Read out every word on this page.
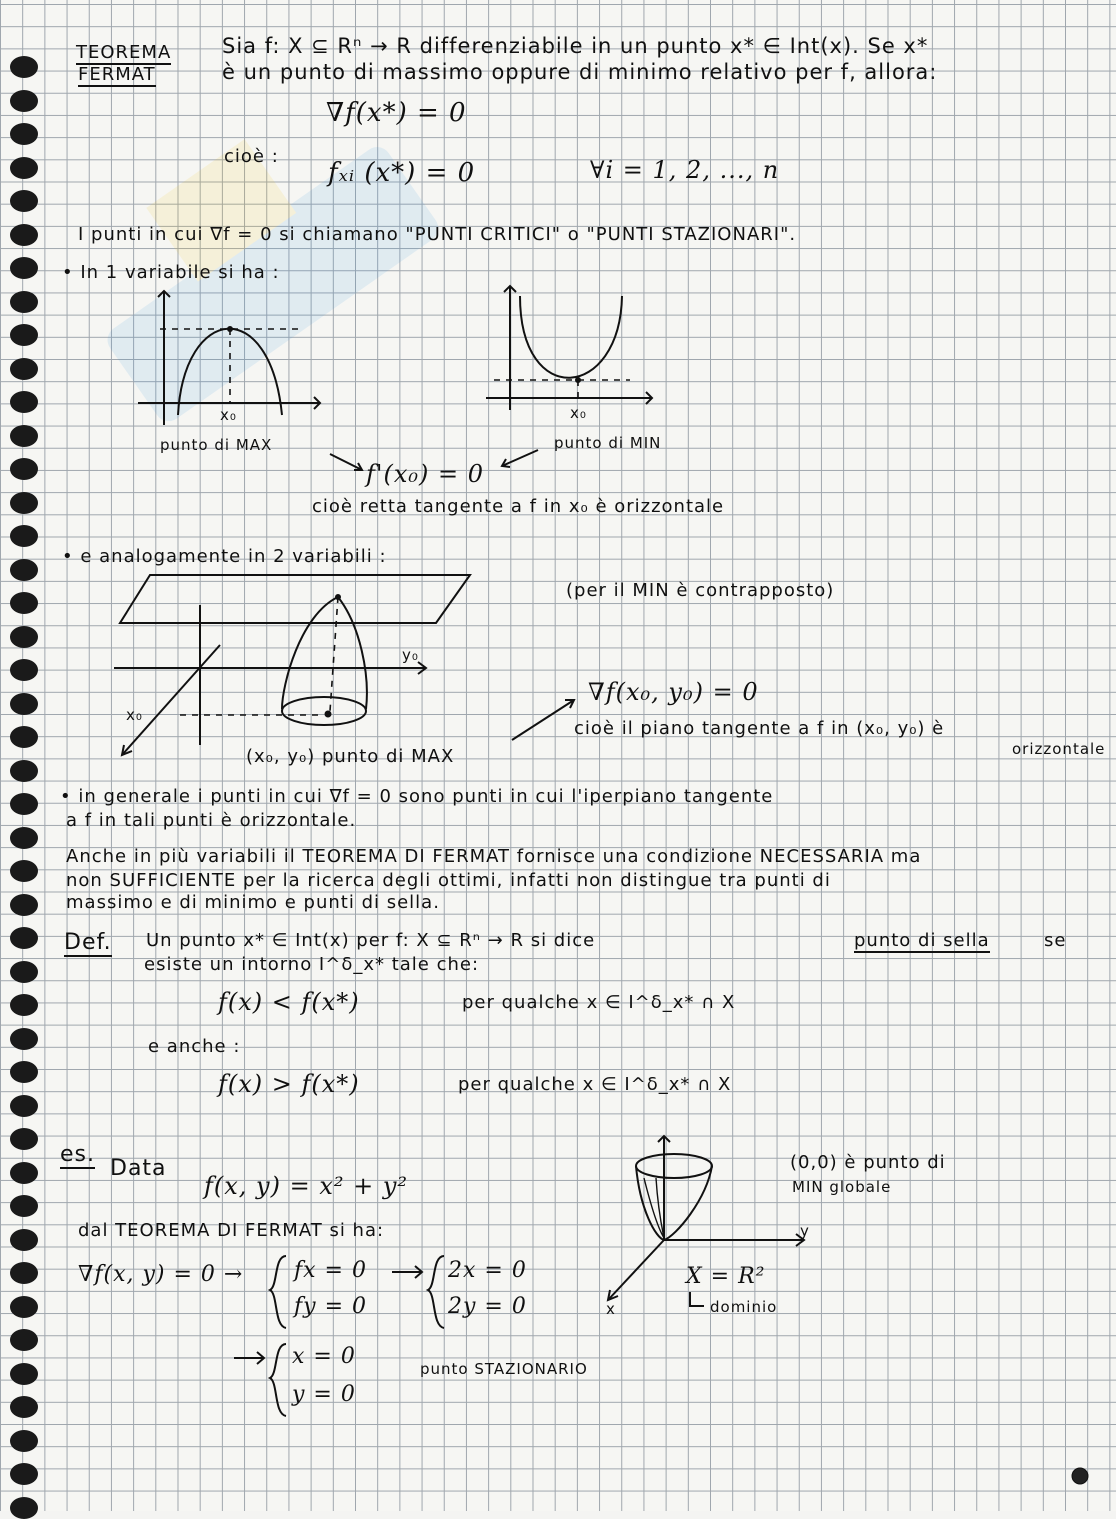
TEOREMA
FERMAT
Sia f: X ⊆ Rⁿ → R differenziabile in un punto x* ∈ Int(x). Se x*
è un punto di massimo oppure di minimo relativo per f, allora:
∇f(x*) = 0
cioè :
fₓᵢ (x*) = 0	∀i = 1, 2, ..., n
I punti in cui ∇f = 0 si chiamano "PUNTI CRITICI" o "PUNTI STAZIONARI".
• In 1 variabile si ha :
x₀
punto di MAX
x₀
punto di MIN
f'(x₀) = 0
cioè retta tangente a f in x₀ è orizzontale
• e analogamente in 2 variabili :
(per il MIN è contrapposto)
y₀
x₀
(x₀, y₀) punto di MAX
∇f(x₀, y₀) = 0
cioè il piano tangente a f in (x₀, y₀) è
orizzontale
• in generale i punti in cui ∇f = 0 sono punti in cui l'iperpiano tangente
a f in tali punti è orizzontale.
Anche in più variabili il TEOREMA DI FERMAT fornisce una condizione NECESSARIA ma
non SUFFICIENTE per la ricerca degli ottimi, infatti non distingue tra punti di
massimo e di minimo e punti di sella.
Def. Un punto x* ∈ Int(x) per f: X ⊆ Rⁿ → R si dice	punto di sella	se
esiste un intorno I^δ_x* tale che:
f(x) < f(x*)	per qualche x ∈ I^δ_x* ∩ X
e anche :
f(x) > f(x*)	per qualche x ∈ I^δ_x* ∩ X
es.
Data
f(x, y) = x² + y²
dal TEOREMA DI FERMAT si ha:
∇f(x, y) = 0 → fx = 0
fy = 0
2x = 0
2y = 0
x = 0
y = 0
punto STAZIONARIO
y
x
(0,0) è punto di
MIN globale
X = R²
dominio
